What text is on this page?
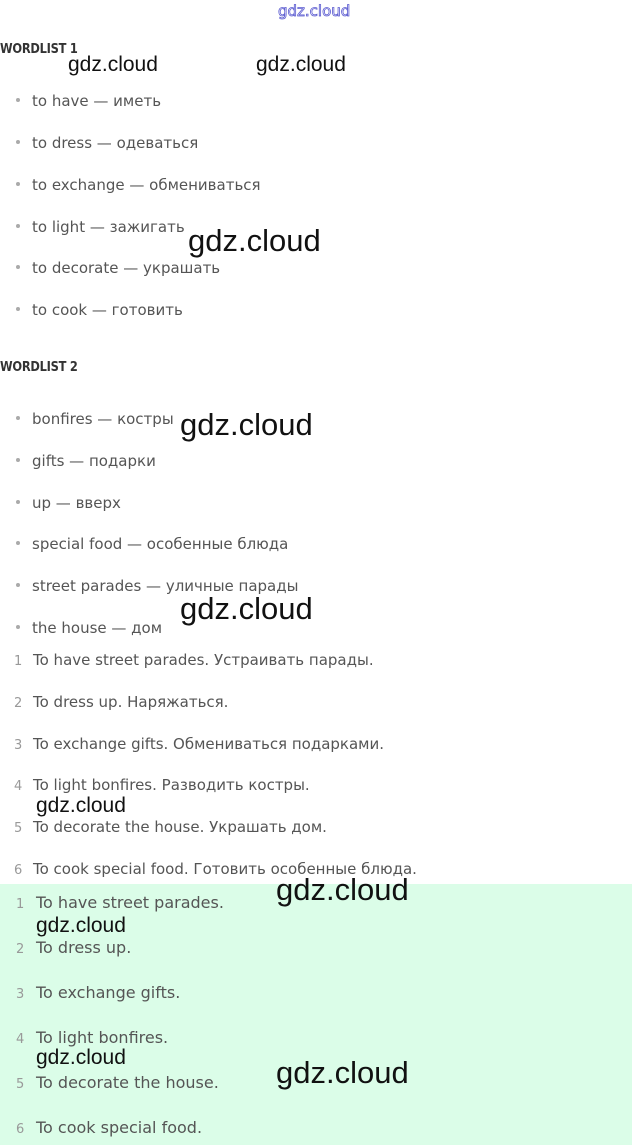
gdz.cloud
WORDLIST 1
to have — иметь
to dress — одеваться
to exchange — обмениваться
to light — зажигать
to decorate — украшать
to cook — готовить
WORDLIST 2
bonfires — костры
gifts — подарки
up — вверх
special food — особенные блюда
street parades — уличные парады
the house — дом
1 To have street parades. Устраивать парады.
2 To dress up. Наряжаться.
3 To exchange gifts. Обмениваться подарками.
4 To light bonfires. Разводить костры.
5 To decorate the house. Украшать дом.
6 To cook special food. Готовить особенные блюда.
1 To have street parades.
2 To dress up.
3 To exchange gifts.
4 To light bonfires.
5 To decorate the house.
6 To cook special food.
gdz.cloud	gdz.cloud
gdz.cloud
gdz.cloud
gdz.cloud
gdz.cloud
gdz.cloud
gdz.cloud
gdz.cloud	gdz.cloud
